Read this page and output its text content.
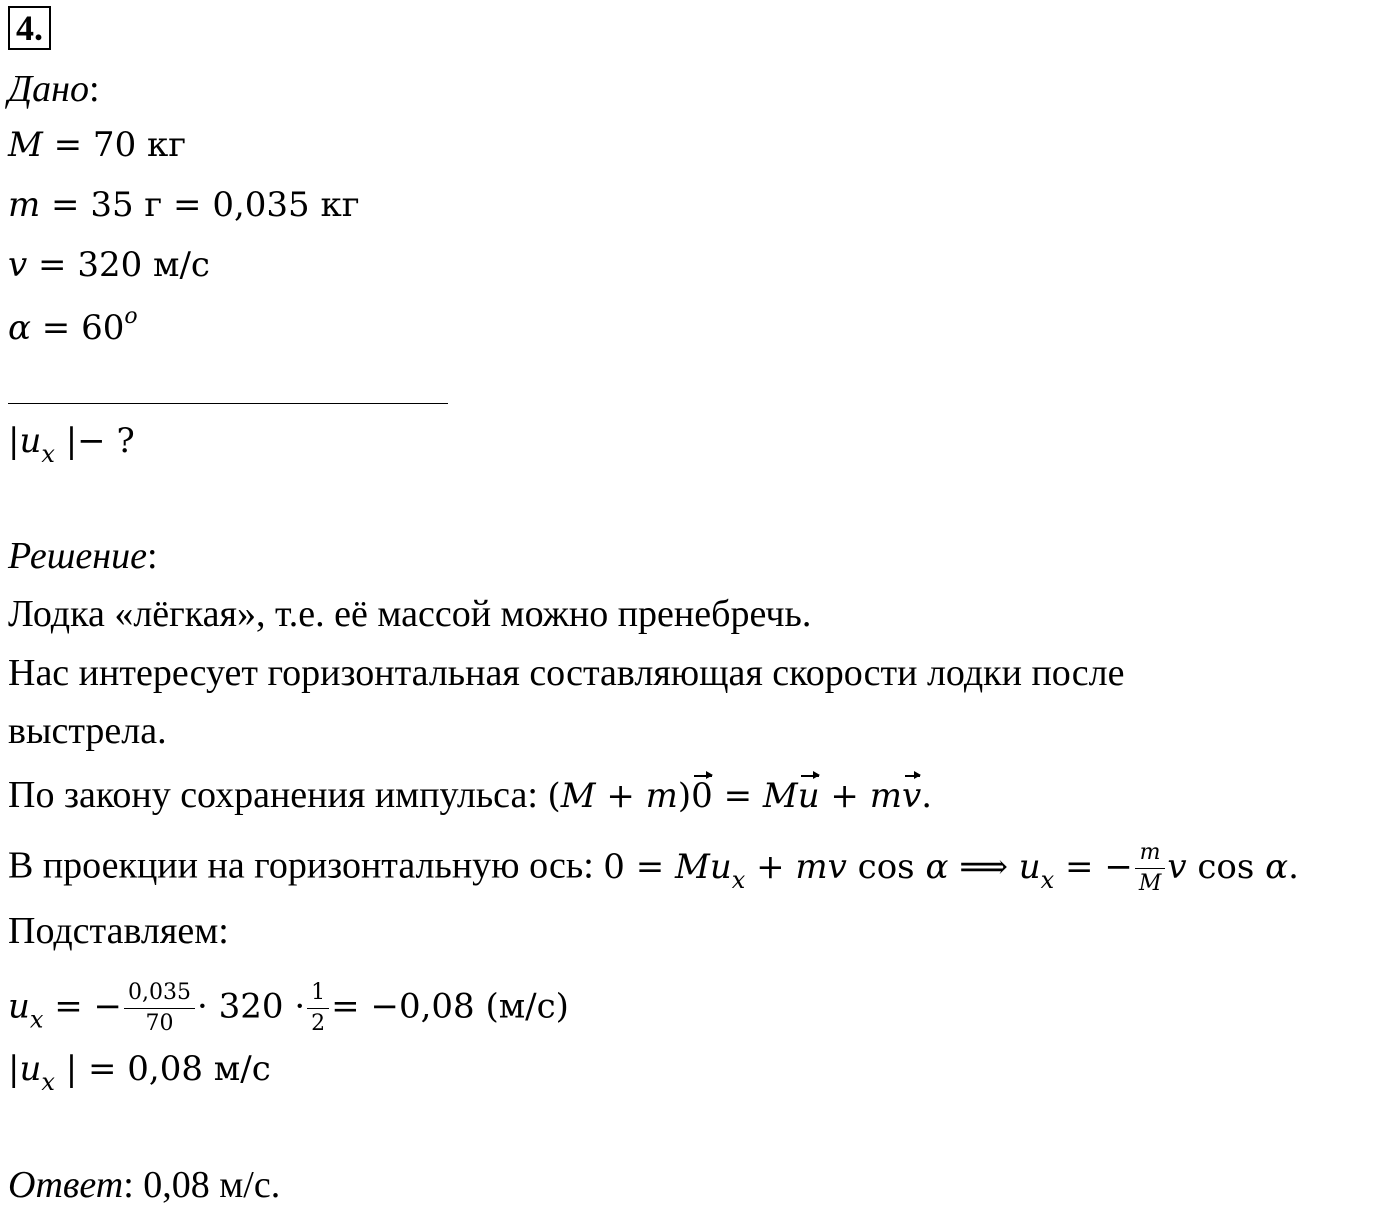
4.
Дано:
M = 70 кг
m = 35 г = 0,035 кг
v = 320 м/с
$\alpha = 60^o$
$|u_x$ |− ?
Решение:
Лодка «лёгкая», т.е. её массой можно пренебречь.
Нас интересует горизонтальная составляющая скорости лодки после
выстрела.
По закону сохранения импульса: (M + m)0 = Mu + mv.
В проекции на горизонтальную ось: $0 = Mu_x$ + mv cos α ⟹ $u_x$ = − $\frac{m}{M}$ v cos α.
Подставляем:
$u_x$ = − $\frac{0,035}{70} \cdot 320 \cdot \frac{1}{2} = -0,08$ (м/с)
$|u_x$ | = 0,08 м/с
Ответ: 0,08 м/с.
